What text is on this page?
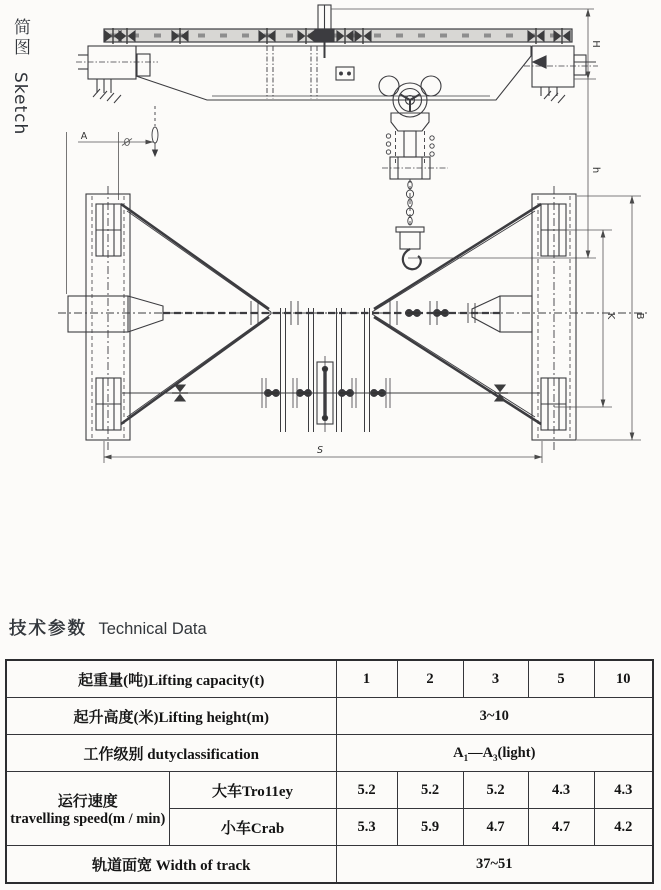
简图 Sketch
A
H
h
K B
S
技术参数 Technical Data
起重量(吨)Lifting capacity(t)		1	2	3	5	10
起升高度(米)Lifting height(m)		3~10				
工作级别 dutyclassification		$A_1—A_3(light)$				

运行速度
travelling speed(m / min)	大车Tro11ey	5.2	5.2	5.2	4.3	4.3
	小车Crab	5.3	5.9	4.7	4.7	4.2
轨道面宽 Width of track		37~51				
